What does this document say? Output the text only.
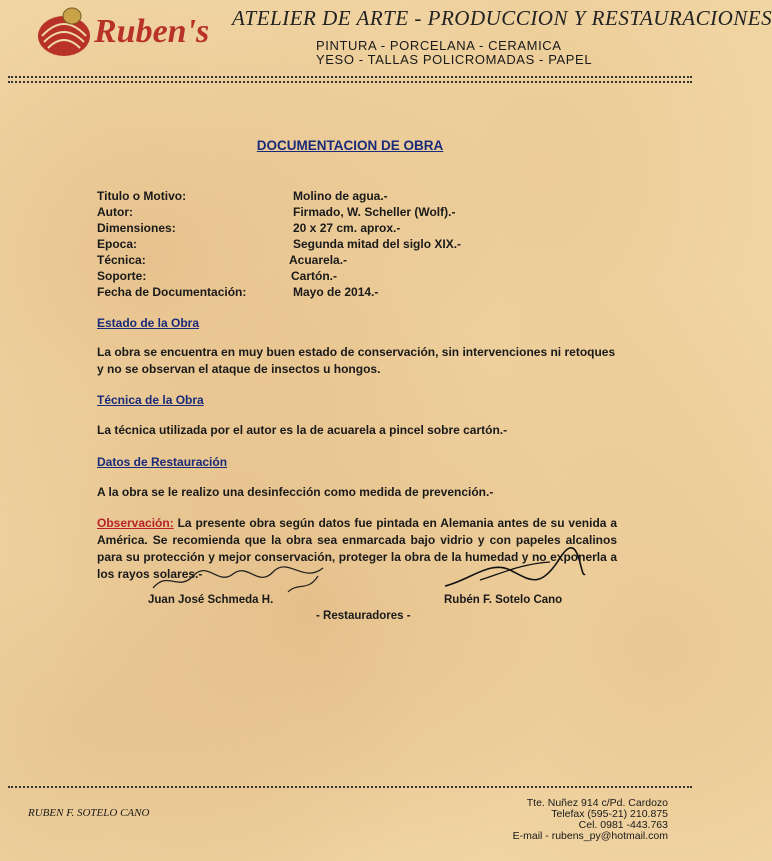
Ruben's ATELIER DE ARTE - PRODUCCION Y RESTAURACIONES
PINTURA - PORCELANA - CERAMICA
YESO - TALLAS POLICROMADAS - PAPEL
DOCUMENTACION DE OBRA
Titulo o Motivo:	Molino de agua.-
Autor:	Firmado, W. Scheller (Wolf).-
Dimensiones:	20 x 27 cm. aprox.-
Epoca:	Segunda mitad del siglo XIX.-
Técnica:	Acuarela.-
Soporte:	Cartón.-
Fecha de Documentación:	Mayo de 2014.-
Estado de la Obra
La obra se encuentra en muy buen estado de conservación, sin intervenciones ni retoques y no se observan el ataque de insectos u hongos.
Técnica de la Obra
La técnica utilizada por el autor es la de acuarela a pincel sobre cartón.-
Datos de Restauración
A la obra se le realizo una desinfección como medida de prevención.-
Observación: La presente obra según datos fue pintada en Alemania antes de su venida a América. Se recomienda que la obra sea enmarcada bajo vidrio y con papeles alcalinos para su protección y mejor conservación, proteger la obra de la humedad y no exponerla a los rayos solares.-
Juan José Schmeda H.	Rubén F. Sotelo Cano
- Restauradores -
RUBEN F. SOTELO CANO
Tte. Nuñez 914 c/Pd. Cardozo
Telefax (595-21) 210.875
Cel. 0981 -443.763
E-mail - rubens_py@hotmail.com
